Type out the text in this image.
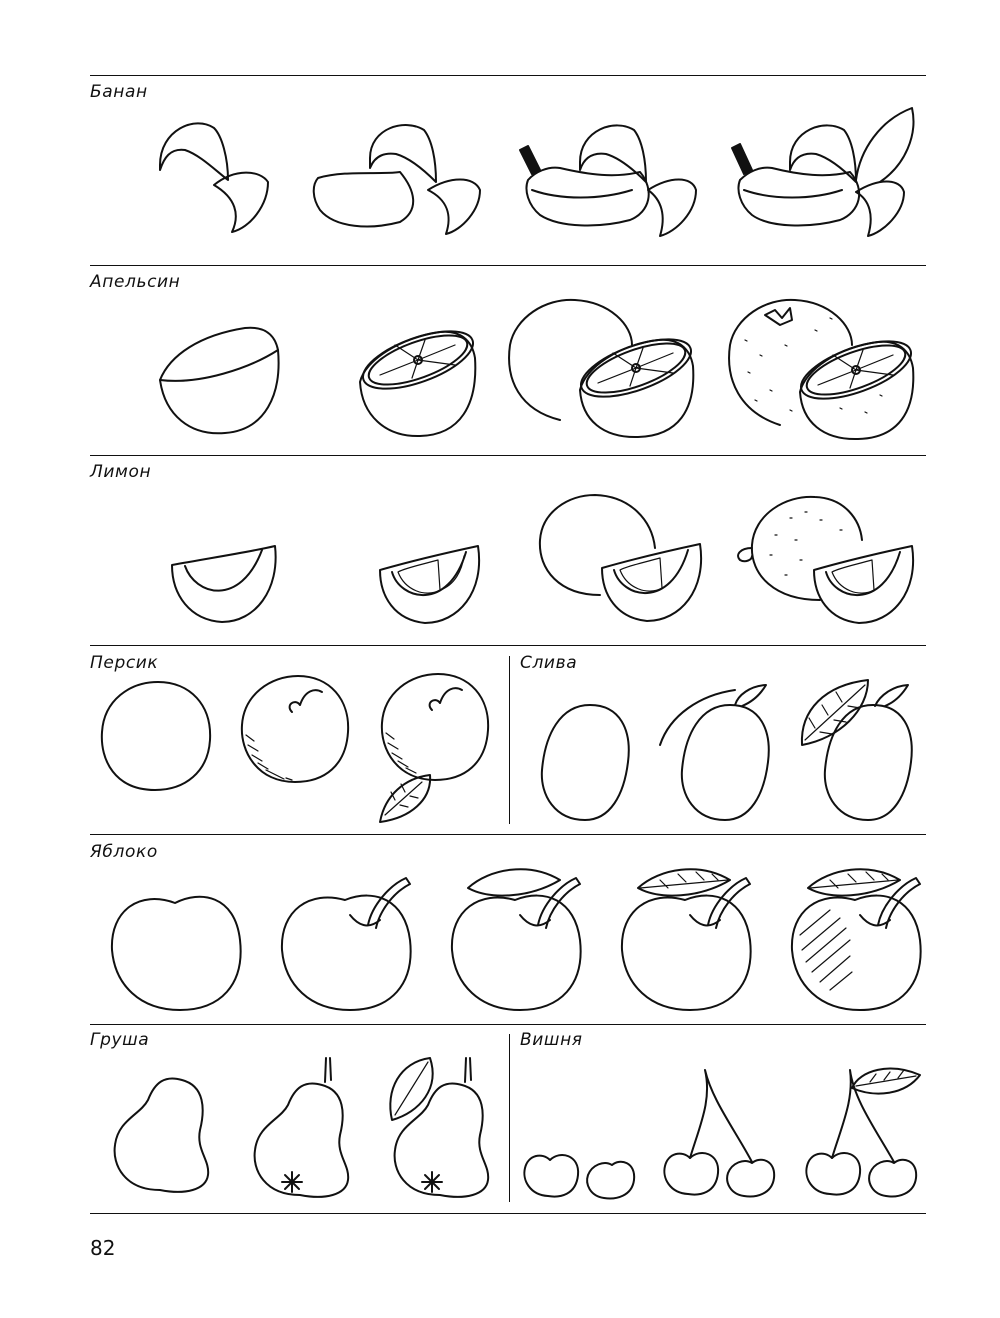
Банан
Апельсин
Лимон
Персик	Слива
Яблоко
Груша	Вишня
82
